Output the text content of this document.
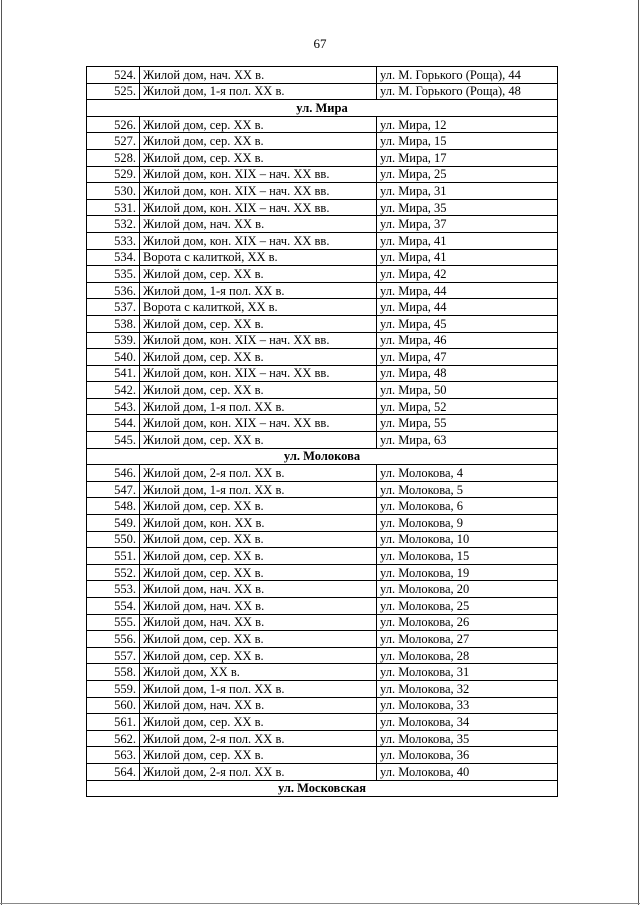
67
524.	Жилой дом, нач. XX в.	ул. М. Горького (Роща), 44
525.	Жилой дом, 1-я пол. XX в.	ул. М. Горького (Роща), 48
ул. Мира		
526.	Жилой дом, сер. XX в.	ул. Мира, 12
527.	Жилой дом, сер. XX в.	ул. Мира, 15
528.	Жилой дом, сер. XX в.	ул. Мира, 17
529.	Жилой дом, кон. XIX – нач. XX вв.	ул. Мира, 25
530.	Жилой дом, кон. XIX – нач. XX вв.	ул. Мира, 31
531.	Жилой дом, кон. XIX – нач. XX вв.	ул. Мира, 35
532.	Жилой дом, нач. XX в.	ул. Мира, 37
533.	Жилой дом, кон. XIX – нач. XX вв.	ул. Мира, 41
534.	Ворота с калиткой, XX в.	ул. Мира, 41
535.	Жилой дом, сер. XX в.	ул. Мира, 42
536.	Жилой дом, 1-я пол. XX в.	ул. Мира, 44
537.	Ворота с калиткой, XX в.	ул. Мира, 44
538.	Жилой дом, сер. XX в.	ул. Мира, 45
539.	Жилой дом, кон. XIX – нач. XX вв.	ул. Мира, 46
540.	Жилой дом, сер. XX в.	ул. Мира, 47
541.	Жилой дом, кон. XIX – нач. XX вв.	ул. Мира, 48
542.	Жилой дом, сер. XX в.	ул. Мира, 50
543.	Жилой дом, 1-я пол. XX в.	ул. Мира, 52
544.	Жилой дом, кон. XIX – нач. XX вв.	ул. Мира, 55
545.	Жилой дом, сер. XX в.	ул. Мира, 63
ул. Молокова		
546.	Жилой дом, 2-я пол. XX в.	ул. Молокова, 4
547.	Жилой дом, 1-я пол. XX в.	ул. Молокова, 5
548.	Жилой дом, сер. XX в.	ул. Молокова, 6
549.	Жилой дом, кон. XX в.	ул. Молокова, 9
550.	Жилой дом, сер. XX в.	ул. Молокова, 10
551.	Жилой дом, сер. XX в.	ул. Молокова, 15
552.	Жилой дом, сер. XX в.	ул. Молокова, 19
553.	Жилой дом, нач. XX в.	ул. Молокова, 20
554.	Жилой дом, нач. XX в.	ул. Молокова, 25
555.	Жилой дом, нач. XX в.	ул. Молокова, 26
556.	Жилой дом, сер. XX в.	ул. Молокова, 27
557.	Жилой дом, сер. XX в.	ул. Молокова, 28
558.	Жилой дом, XX в.	ул. Молокова, 31
559.	Жилой дом, 1-я пол. XX в.	ул. Молокова, 32
560.	Жилой дом, нач. XX в.	ул. Молокова, 33
561.	Жилой дом, сер. XX в.	ул. Молокова, 34
562.	Жилой дом, 2-я пол. XX в.	ул. Молокова, 35
563.	Жилой дом, сер. XX в.	ул. Молокова, 36
564.	Жилой дом, 2-я пол. XX в.	ул. Молокова, 40
ул. Московская		
